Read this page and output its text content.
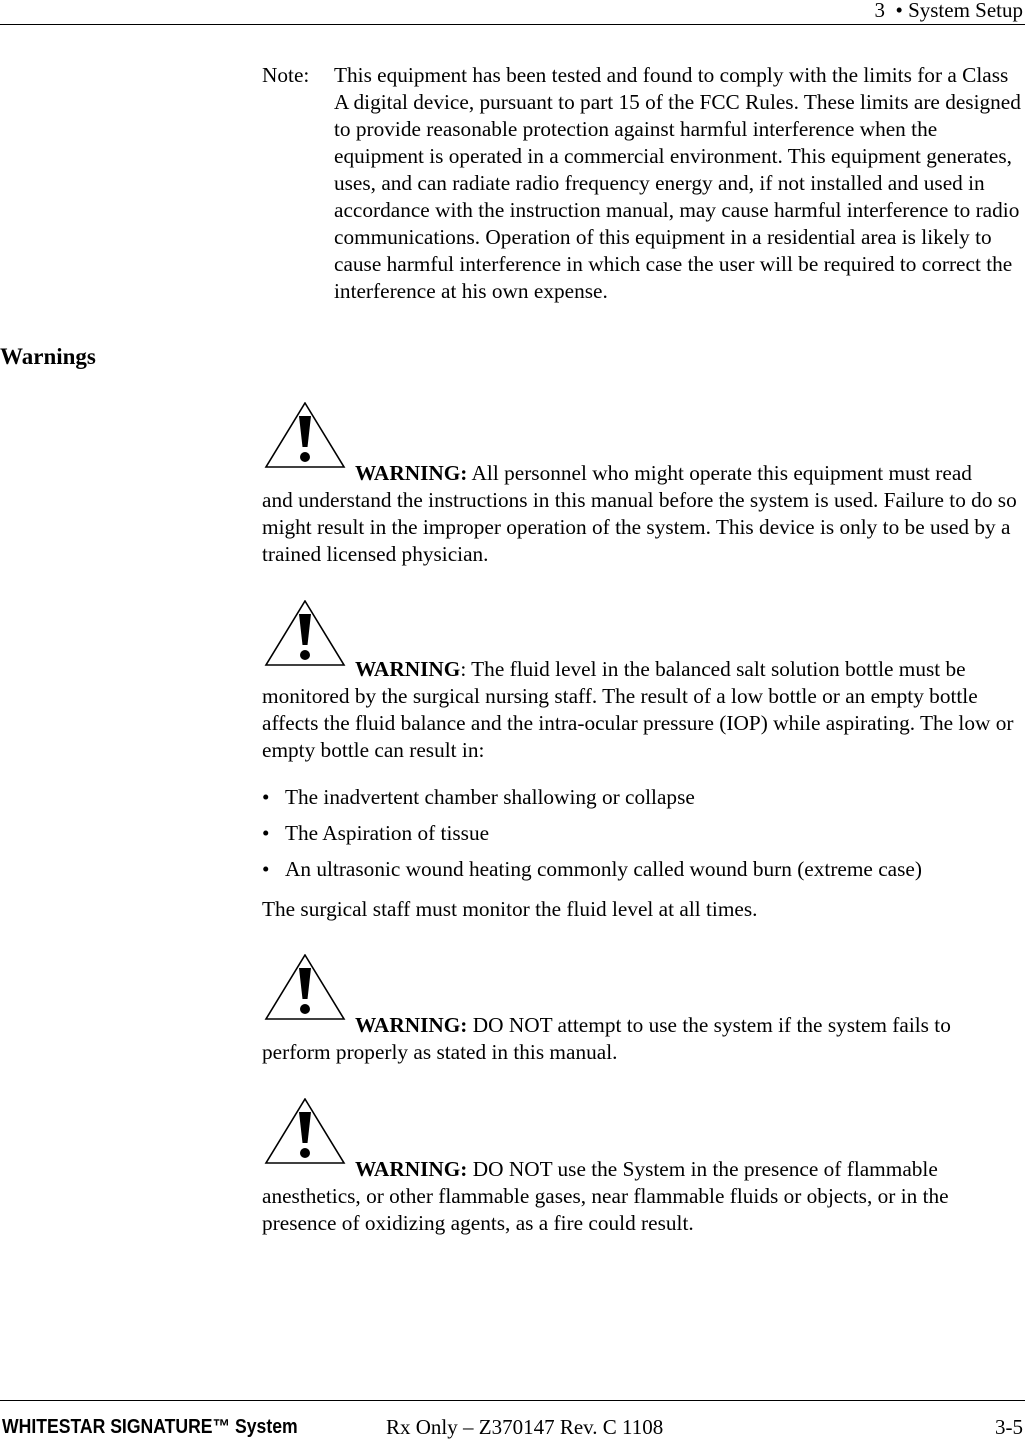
3 • System Setup
Note: This equipment has been tested and found to comply with the limits for a Class A digital device, pursuant to part 15 of the FCC Rules. These limits are designed to provide reasonable protection against harmful interference when the equipment is operated in a commercial environment. This equipment generates, uses, and can radiate radio frequency energy and, if not installed and used in accordance with the instruction manual, may cause harmful interference to radio communications. Operation of this equipment in a residential area is likely to cause harmful interference in which case the user will be required to correct the interference at his own expense.
Warnings

WARNING: All personnel who might operate this equipment must read
and understand the instructions in this manual before the system is used. Failure to do so might result in the improper operation of the system. This device is only to be used by a trained licensed physician.

WARNING: The fluid level in the balanced salt solution bottle must be
monitored by the surgical nursing staff. The result of a low bottle or an empty bottle affects the fluid balance and the intra-ocular pressure (IOP) while aspirating. The low or empty bottle can result in:

• The inadvertent chamber shallowing or collapse
• The Aspiration of tissue
• An ultrasonic wound heating commonly called wound burn (extreme case)

The surgical staff must monitor the fluid level at all times.

WARNING: DO NOT attempt to use the system if the system fails to
perform properly as stated in this manual.

WARNING: DO NOT use the System in the presence of flammable
anesthetics, or other flammable gases, near flammable fluids or objects, or in the presence of oxidizing agents, as a fire could result.

WHITESTAR SIGNATURE™ System	Rx Only – Z370147 Rev. C 1108	3-5
